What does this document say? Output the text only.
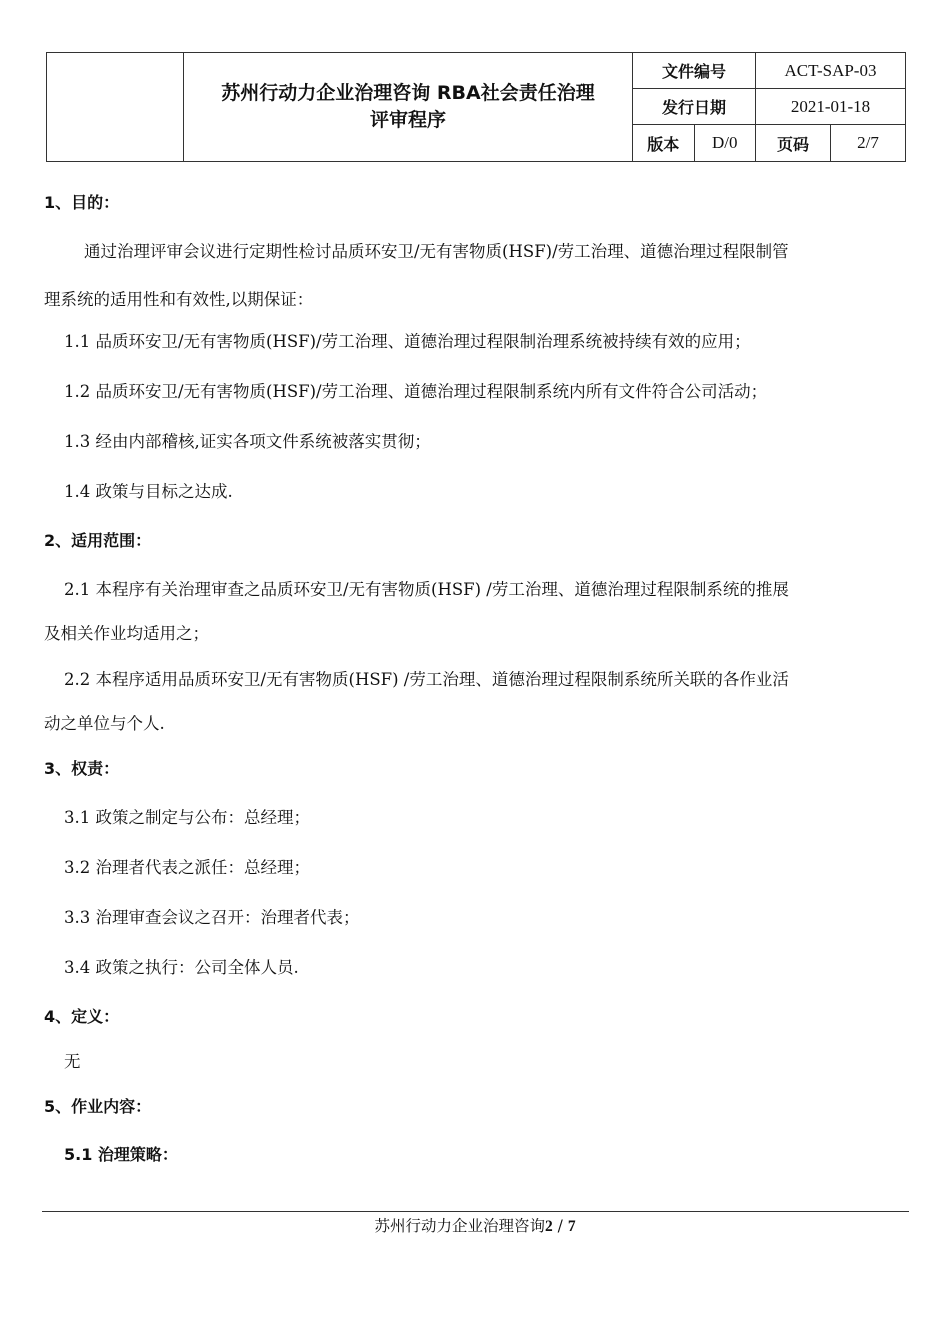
	苏州行动力企业治理咨询 RBA社会责任治理
评审程序	文件编号		ACT-SAP-03	
		发行日期		2021-01-18	
		版本	D/0	页码	2/7
1、目的：
通过治理评审会议进行定期性检讨品质环安卫/无有害物质(HSF)/劳工治理、道德治理过程限制管
理系统的适用性和有效性,以期保证：
1.1 品质环安卫/无有害物质(HSF)/劳工治理、道德治理过程限制治理系统被持续有效的应用；
1.2 品质环安卫/无有害物质(HSF)/劳工治理、道德治理过程限制系统内所有文件符合公司活动；
1.3 经由内部稽核,证实各项文件系统被落实贯彻；
1.4 政策与目标之达成.
2、适用范围：
2.1 本程序有关治理审查之品质环安卫/无有害物质(HSF) /劳工治理、道德治理过程限制系统的推展
及相关作业均适用之；
2.2 本程序适用品质环安卫/无有害物质(HSF) /劳工治理、道德治理过程限制系统所关联的各作业活
动之单位与个人.
3、权责：
3.1 政策之制定与公布：总经理；
3.2 治理者代表之派任：总经理；
3.3 治理审查会议之召开：治理者代表；
3.4 政策之执行：公司全体人员.
4、定义：
无
5、作业内容：
5.1 治理策略：
苏州行动力企业治理咨询2 / 7
